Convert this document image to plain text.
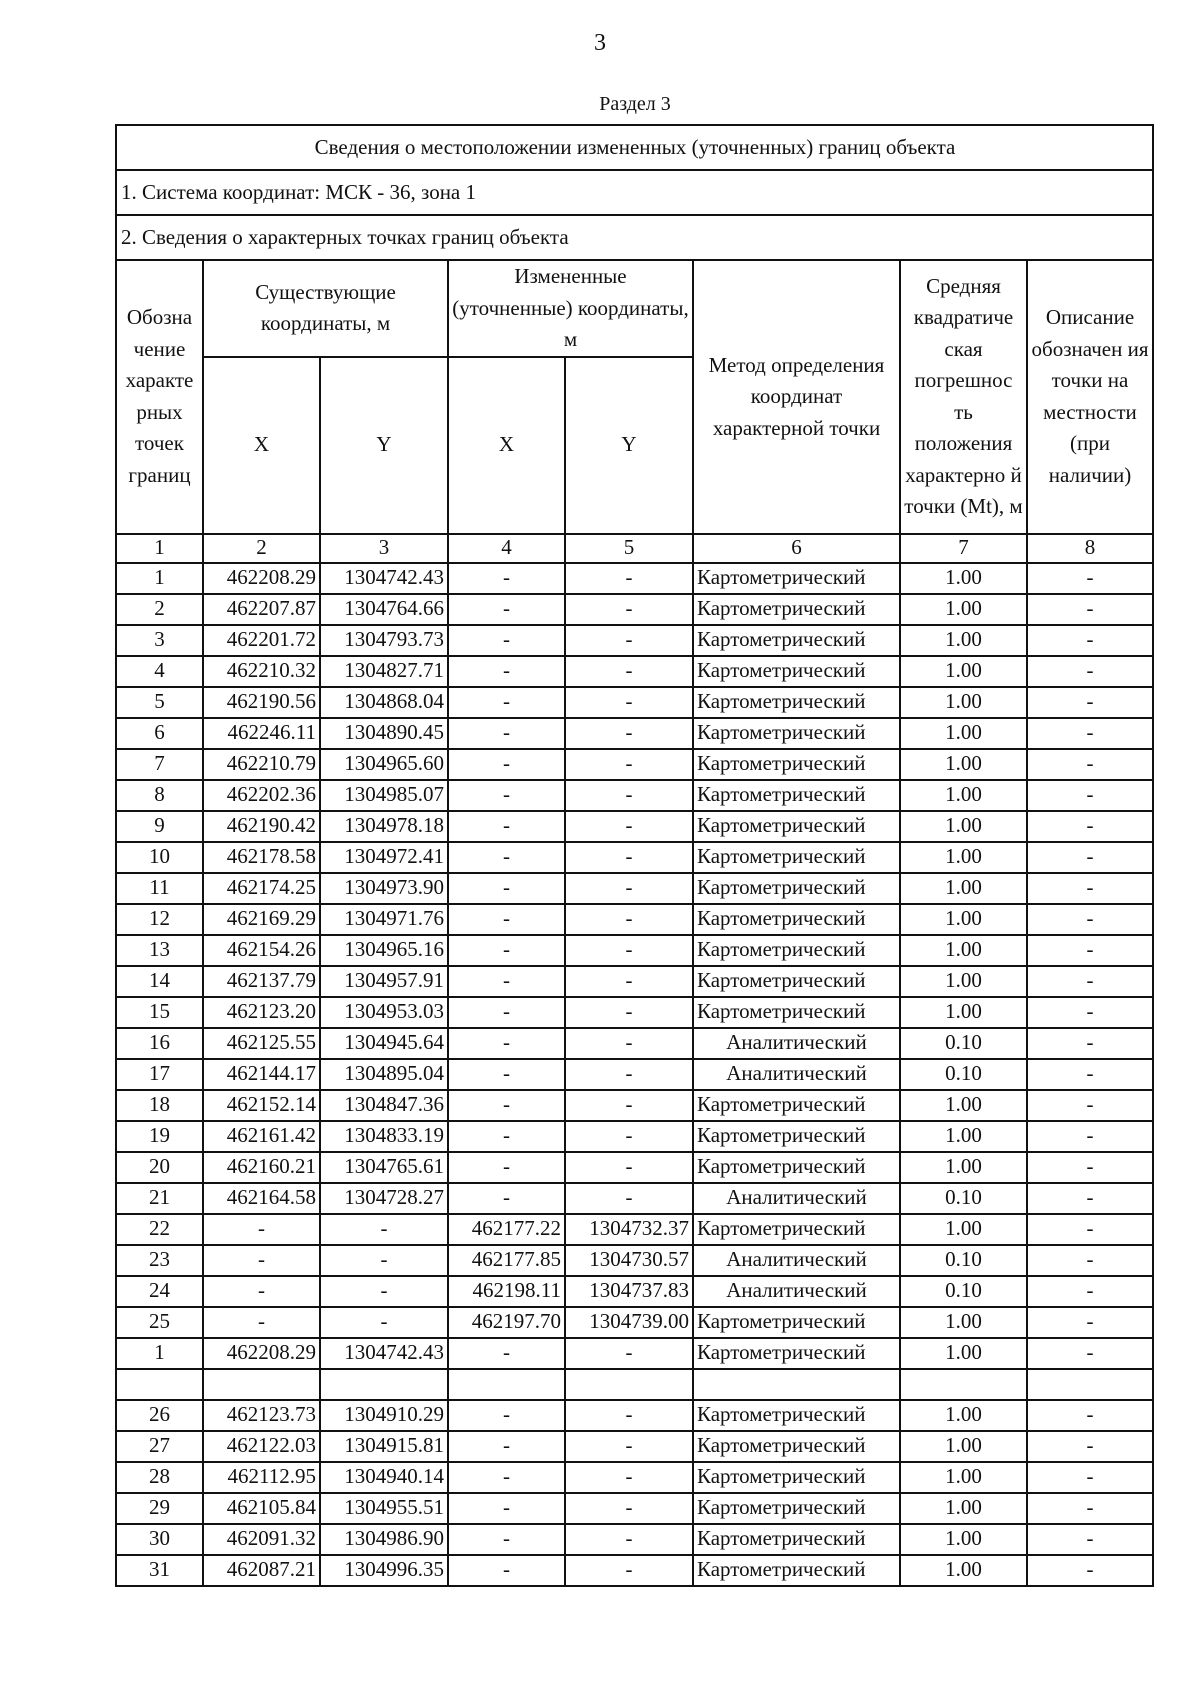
3
Раздел 3
Сведения о местоположении измененных (уточненных) границ объекта							
1. Система координат: МСК - 36, зона 1							
2. Сведения о характерных точках границ объекта							
Обозна чение характе рных точек границ	Существующие координаты, м		Измененные (уточненные) координаты, м		Метод определения координат характерной точки	Средняя квадратиче ская погрешнос ть положения характерно й точки (Mt), м	Описание обозначен ия точки на местности (при наличии)
	X	Y	X	Y			
1	2	3	4	5	6	7	8
1	462208.29	1304742.43	-	-	Картометрический	1.00	-
2	462207.87	1304764.66	-	-	Картометрический	1.00	-
3	462201.72	1304793.73	-	-	Картометрический	1.00	-
4	462210.32	1304827.71	-	-	Картометрический	1.00	-
5	462190.56	1304868.04	-	-	Картометрический	1.00	-
6	462246.11	1304890.45	-	-	Картометрический	1.00	-
7	462210.79	1304965.60	-	-	Картометрический	1.00	-
8	462202.36	1304985.07	-	-	Картометрический	1.00	-
9	462190.42	1304978.18	-	-	Картометрический	1.00	-
10	462178.58	1304972.41	-	-	Картометрический	1.00	-
11	462174.25	1304973.90	-	-	Картометрический	1.00	-
12	462169.29	1304971.76	-	-	Картометрический	1.00	-
13	462154.26	1304965.16	-	-	Картометрический	1.00	-
14	462137.79	1304957.91	-	-	Картометрический	1.00	-
15	462123.20	1304953.03	-	-	Картометрический	1.00	-
16	462125.55	1304945.64	-	-	Аналитический	0.10	-
17	462144.17	1304895.04	-	-	Аналитический	0.10	-
18	462152.14	1304847.36	-	-	Картометрический	1.00	-
19	462161.42	1304833.19	-	-	Картометрический	1.00	-
20	462160.21	1304765.61	-	-	Картометрический	1.00	-
21	462164.58	1304728.27	-	-	Аналитический	0.10	-
22	-	-	462177.22	1304732.37	Картометрический	1.00	-
23	-	-	462177.85	1304730.57	Аналитический	0.10	-
24	-	-	462198.11	1304737.83	Аналитический	0.10	-
25	-	-	462197.70	1304739.00	Картометрический	1.00	-
1	462208.29	1304742.43	-	-	Картометрический	1.00	-

26	462123.73	1304910.29	-	-	Картометрический	1.00	-
27	462122.03	1304915.81	-	-	Картометрический	1.00	-
28	462112.95	1304940.14	-	-	Картометрический	1.00	-
29	462105.84	1304955.51	-	-	Картометрический	1.00	-
30	462091.32	1304986.90	-	-	Картометрический	1.00	-
31	462087.21	1304996.35	-	-	Картометрический	1.00	-
